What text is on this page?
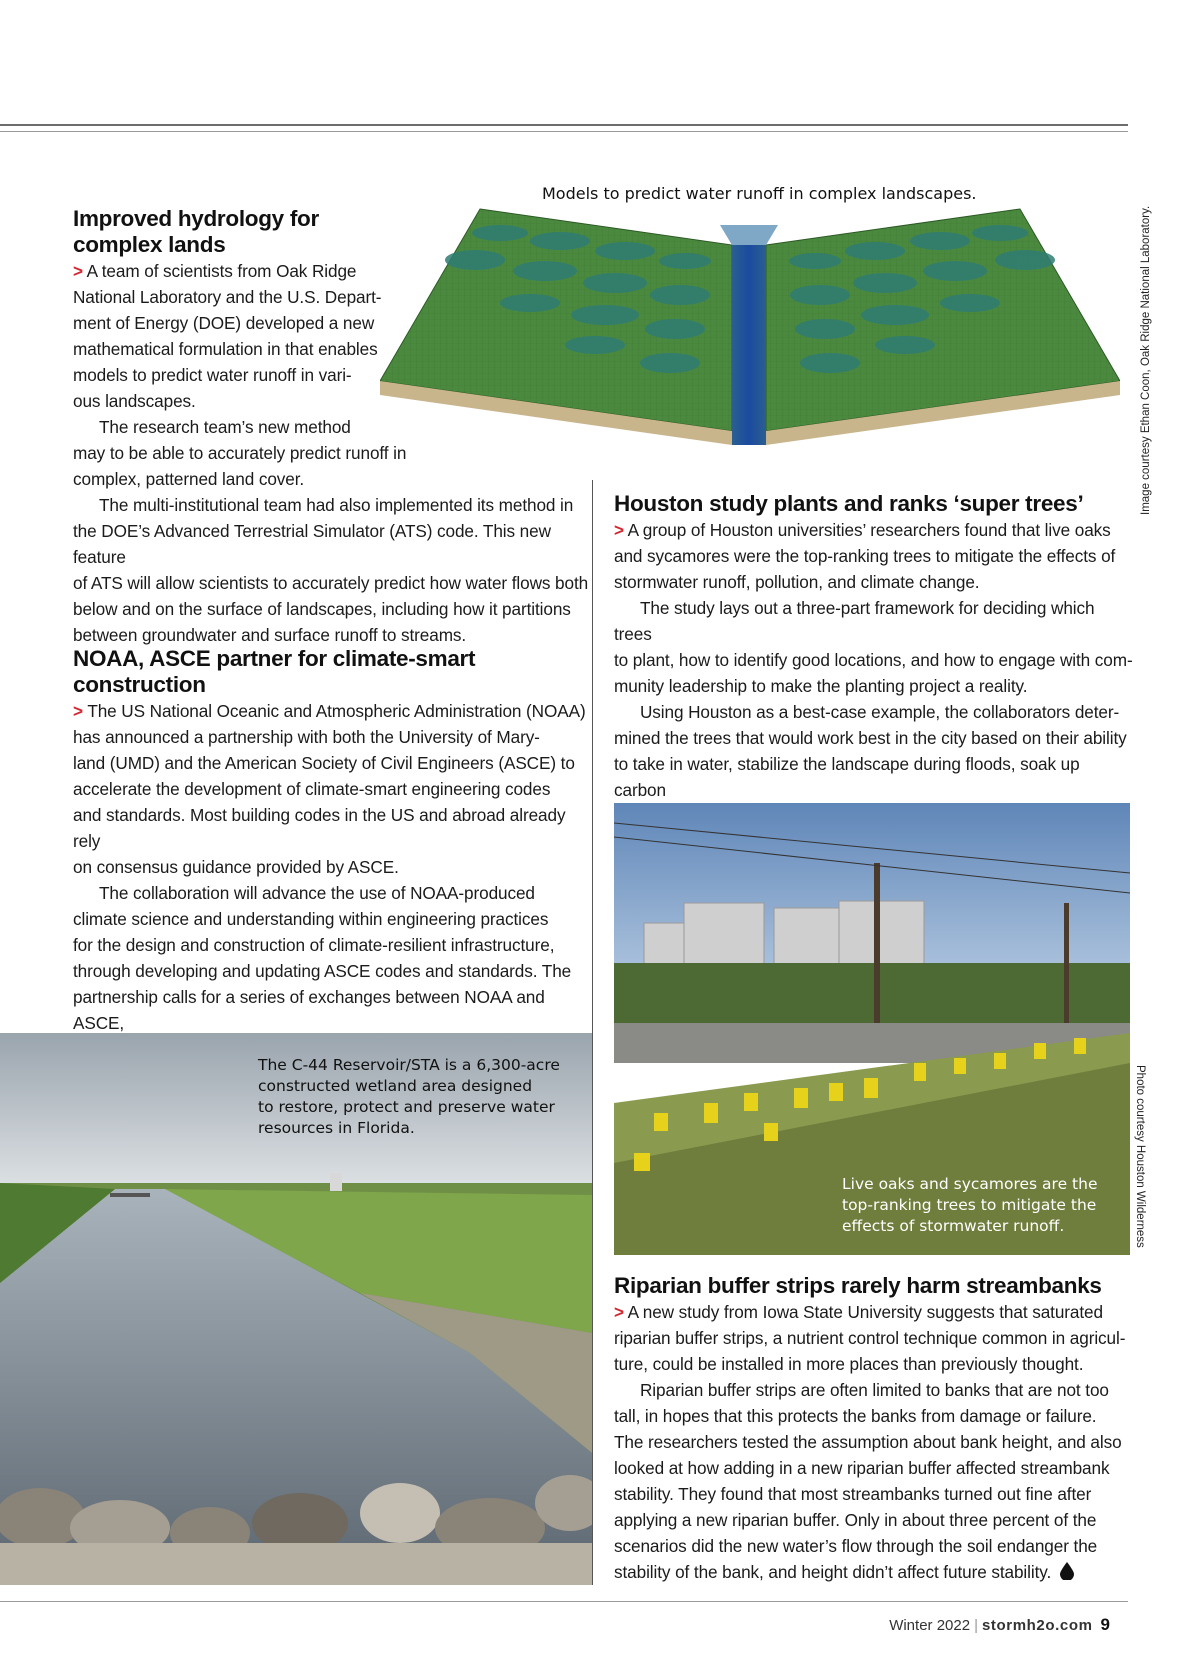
Models to predict water runoff in complex landscapes.
Image courtesy Ethan Coon, Oak Ridge National Laboratory.
Improved hydrology for
complex lands

> A team of scientists from Oak Ridge
National Laboratory and the U.S. Depart-
ment of Energy (DOE) developed a new
mathematical formulation in that enables
models to predict water runoff in vari-
ous landscapes.

The research team’s new method
may to be able to accurately predict runoff in
complex, patterned land cover.

The multi-institutional team had also implemented its method in
the DOE’s Advanced Terrestrial Simulator (ATS) code. This new feature
of ATS will allow scientists to accurately predict how water flows both
below and on the surface of landscapes, including how it partitions
between groundwater and surface runoff to streams.

NOAA, ASCE partner for climate-smart construction

> The US National Oceanic and Atmospheric Administration (NOAA)
has announced a partnership with both the University of Mary-
land (UMD) and the American Society of Civil Engineers (ASCE) to
accelerate the development of climate-smart engineering codes
and standards. Most building codes in the US and abroad already rely
on consensus guidance provided by ASCE.

The collaboration will advance the use of NOAA-produced
climate science and understanding within engineering practices
for the design and construction of climate-resilient infrastructure,
through developing and updating ASCE codes and standards. The
partnership calls for a series of exchanges between NOAA and ASCE,

The C-44 Reservoir/STA is a 6,300-acre
constructed wetland area designed
to restore, protect and preserve water
resources in Florida.
Houston study plants and ranks ‘super trees’

> A group of Houston universities’ researchers found that live oaks
and sycamores were the top-ranking trees to mitigate the effects of
stormwater runoff, pollution, and climate change.

The study lays out a three-part framework for deciding which trees
to plant, how to identify good locations, and how to engage with com-
munity leadership to make the planting project a reality.

Using Houston as a best-case example, the collaborators deter-
mined the trees that would work best in the city based on their ability
to take in water, stabilize the landscape during floods, soak up carbon

Live oaks and sycamores are the
top-ranking trees to mitigate the
effects of stormwater runoff.	Photo courtesy Houston Wilderness
Riparian buffer strips rarely harm streambanks

> A new study from Iowa State University suggests that saturated
riparian buffer strips, a nutrient control technique common in agricul-
ture, could be installed in more places than previously thought.

Riparian buffer strips are often limited to banks that are not too
tall, in hopes that this protects the banks from damage or failure.
The researchers tested the assumption about bank height, and also
looked at how adding in a new riparian buffer affected streambank
stability. They found that most streambanks turned out fine after
applying a new riparian buffer. Only in about three percent of the
scenarios did the new water’s flow through the soil endanger the
stability of the bank, and height didn’t affect future stability.

Winter 2022 | stormh2o.com 9
